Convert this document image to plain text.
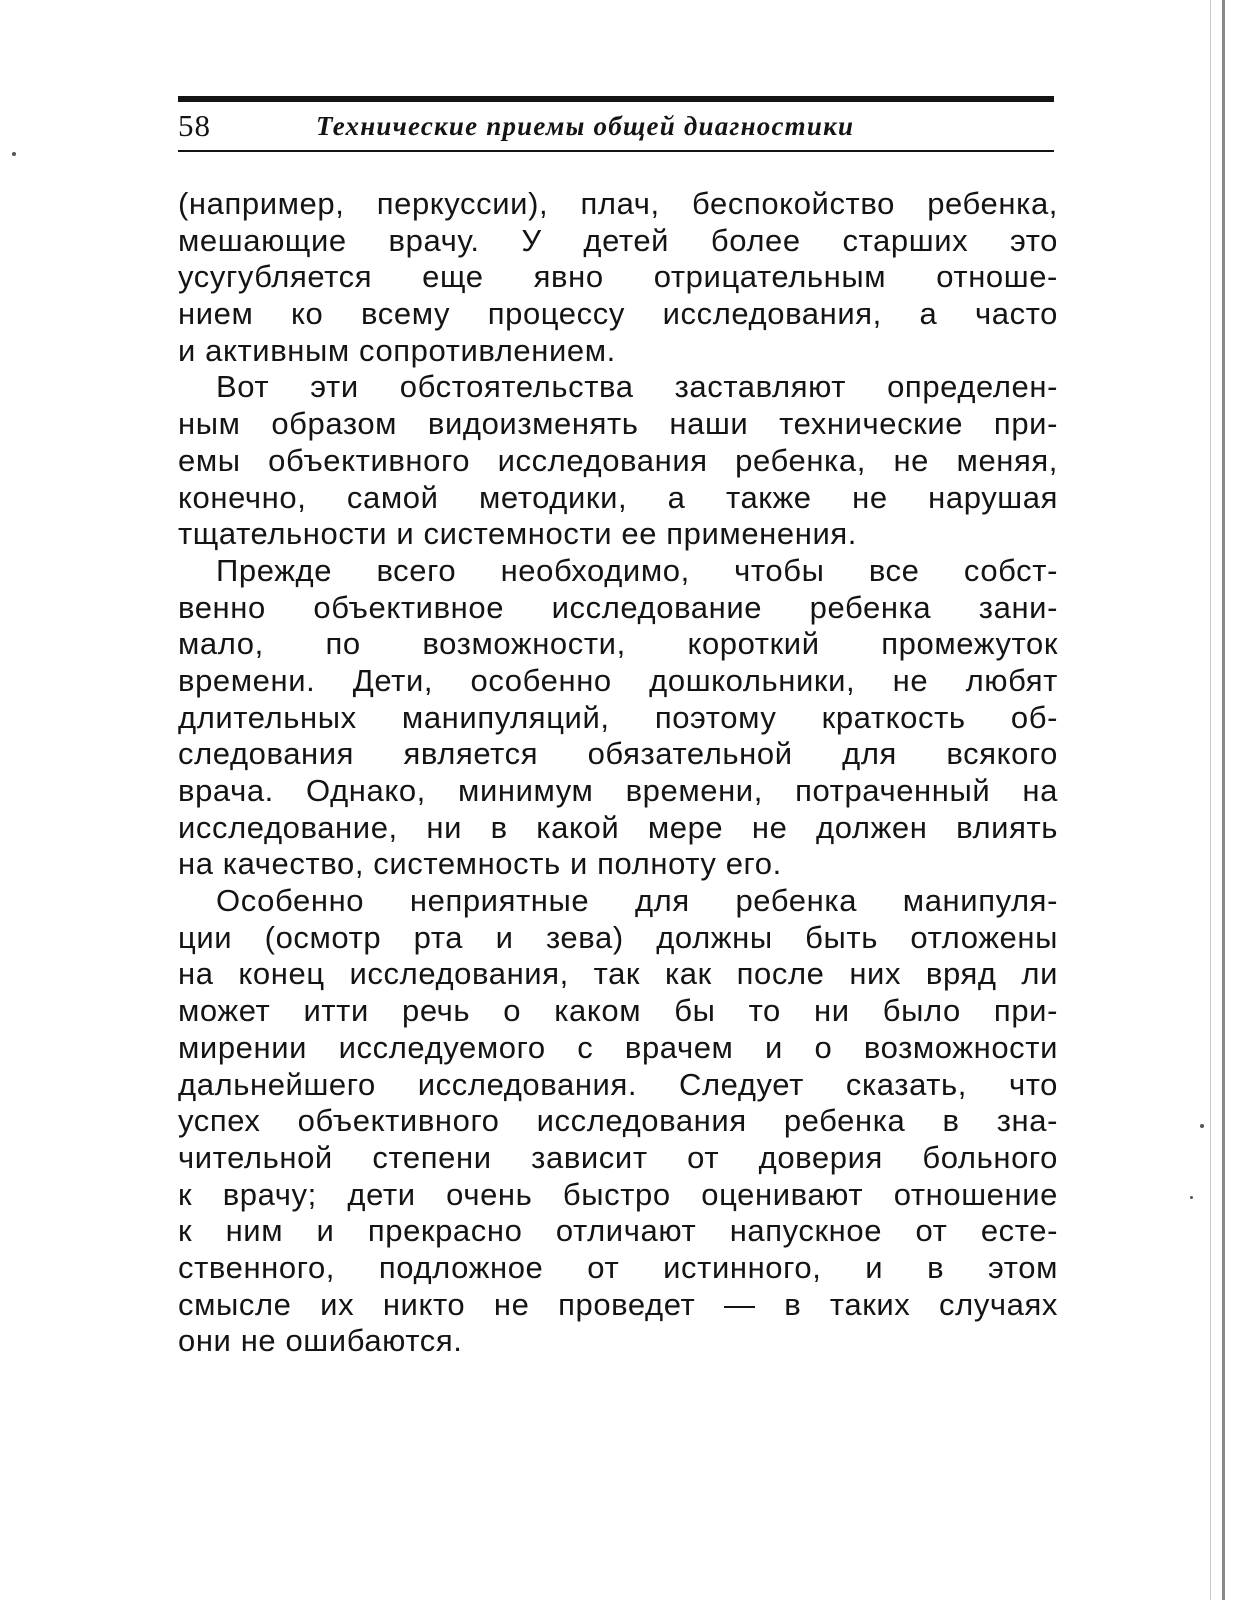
58	Технические приемы общей диагностики
(например, перкуссии), плач, беспокойство ребенка,
мешающие врачу. У детей более старших это
усугубляется еще явно отрицательным отноше-
нием ко всему процессу исследования, а часто
и активным сопротивлением.
Вот эти обстоятельства заставляют определен-
ным образом видоизменять наши технические при-
емы объективного исследования ребенка, не меняя,
конечно, самой методики, а также не нарушая
тщательности и системности ее применения.
Прежде всего необходимо, чтобы все собст-
венно объективное исследование ребенка зани-
мало, по возможности, короткий промежуток
времени. Дети, особенно дошкольники, не любят
длительных манипуляций, поэтому краткость об-
следования является обязательной для всякого
врача. Однако, минимум времени, потраченный на
исследование, ни в какой мере не должен влиять
на качество, системность и полноту его.
Особенно неприятные для ребенка манипуля-
ции (осмотр рта и зева) должны быть отложены
на конец исследования, так как после них вряд ли
может итти речь о каком бы то ни было при-
мирении исследуемого с врачем и о возможности
дальнейшего исследования. Следует сказать, что
успех объективного исследования ребенка в зна-
чительной степени зависит от доверия больного
к врачу; дети очень быстро оценивают отношение
к ним и прекрасно отличают напускное от есте-
ственного, подложное от истинного, и в этом
смысле их никто не проведет — в таких случаях
они не ошибаются.
